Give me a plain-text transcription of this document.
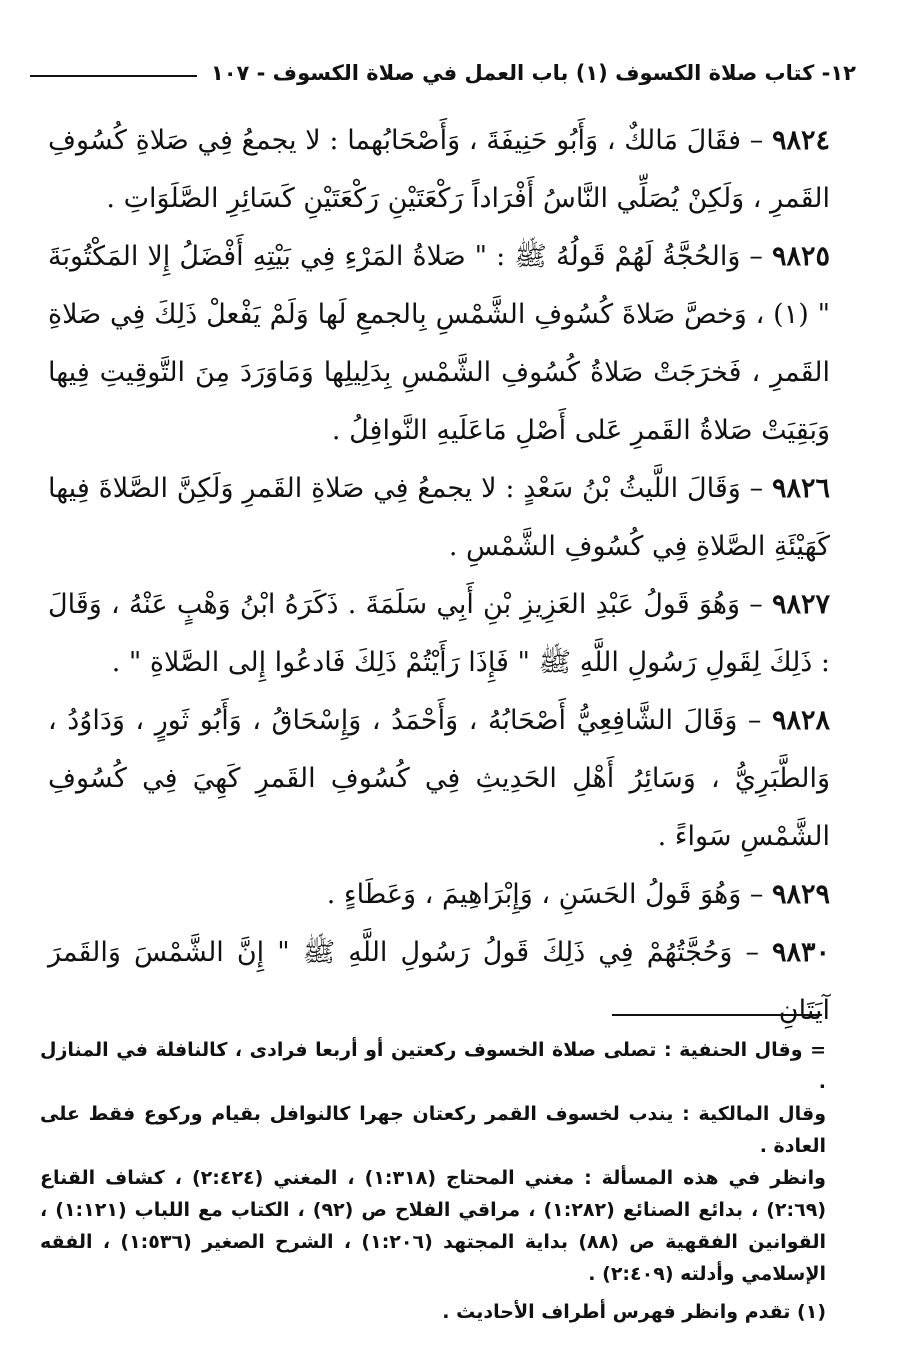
١٢- كتاب صلاة الكسوف (١) باب العمل في صلاة الكسوف - ١٠٧

٩٨٢٤ – فقَالَ مَالكٌ ، وَأَبُو حَنِيفَةَ ، وَأَصْحَابُهما : لا يجمعُ فِي صَلاةِ كُسُوفِ القَمرِ ، وَلَكِنْ يُصَلِّي النَّاسُ أَفْرَاداً رَكْعَتَيْنِ رَكْعَتَيْنِ كَسَائِرِ الصَّلَوَاتِ .

٩٨٢٥ – وَالحُجَّةُ لَهُمْ قَولُهُ ﷺ : " صَلاةُ المَرْءِ فِي بَيْتِهِ أَفْضَلُ إِلا المَكْتُوبَةَ " (١) ، وَخصَّ صَلاةَ كُسُوفِ الشَّمْسِ بِالجمعِ لَها وَلَمْ يَفْعلْ ذَلِكَ فِي صَلاةِ القَمرِ ، فَخرَجَتْ صَلاةُ كُسُوفِ الشَّمْسِ بِدَلِيلِها وَمَاوَرَدَ مِنَ التَّوقِيتِ فِيها وَبَقِيَتْ صَلاةُ القَمرِ عَلى أَصْلِ مَاعَلَيهِ النَّوافِلُ .

٩٨٢٦ – وَقَالَ اللَّيثُ بْنُ سَعْدٍ : لا يجمعُ فِي صَلاةِ القَمرِ وَلَكِنَّ الصَّلاةَ فِيها كَهَيْئَةِ الصَّلاةِ فِي كُسُوفِ الشَّمْسِ .

٩٨٢٧ – وَهُوَ قَولُ عَبْدِ العَزِيزِ بْنِ أَبِي سَلَمَةَ . ذَكَرَهُ ابْنُ وَهْبٍ عَنْهُ ، وَقَالَ : ذَلِكَ لِقَولِ رَسُولِ اللَّهِ ﷺ " فَإِذَا رَأَيْتُمْ ذَلِكَ فَادعُوا إِلى الصَّلاةِ " .

٩٨٢٨ – وَقَالَ الشَّافِعِيُّ أَصْحَابُهُ ، وَأَحْمَدُ ، وَإِسْحَاقُ ، وَأَبُو ثَورٍ ، وَدَاوُدُ ، وَالطَّبَرِيُّ ، وَسَائِرُ أَهْلِ الحَدِيثِ فِي كُسُوفِ القَمرِ كَهِيَ فِي كُسُوفِ الشَّمْسِ سَواءً .

٩٨٢٩ – وَهُوَ قَولُ الحَسَنِ ، وَإِبْرَاهِيمَ ، وَعَطَاءٍ .

٩٨٣٠ – وَحُجَّتُهُمْ فِي ذَلِكَ قَولُ رَسُولِ اللَّهِ ﷺ " إِنَّ الشَّمْسَ وَالقَمرَ آيَتَانِ

= وقال الحنفية : تصلى صلاة الخسوف ركعتين أو أربعا فرادى ، كالنافلة في المنازل .

وقال المالكية : يندب لخسوف القمر ركعتان جهرا كالنوافل بقيام وركوع فقط على العادة .

وانظر في هذه المسألة : مغني المحتاج (١:٣١٨) ، المغني (٢:٤٢٤) ، كشاف القناع (٢:٦٩) ، بدائع الصنائع (١:٢٨٢) ، مراقي الفلاح ص (٩٢) ، الكتاب مع اللباب (١:١٢١) ، القوانين الفقهية ص (٨٨) بداية المجتهد (١:٢٠٦) ، الشرح الصغير (١:٥٣٦) ، الفقه الإسلامي وأدلته (٢:٤٠٩) .

(١) تقدم وانظر فهرس أطراف الأحاديث .
